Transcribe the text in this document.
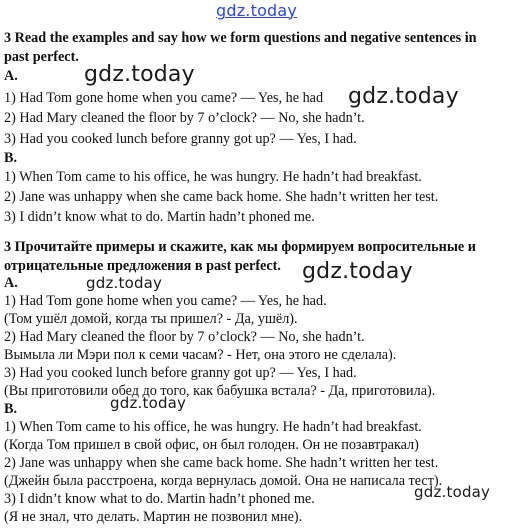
3 Read the examples and say how we form questions and negative sentences in
past perfect.
A.
1) Had Tom gone home when you came? — Yes, he had
2) Had Mary cleaned the floor by 7 o’clock? — No, she hadn’t.
3) Had you cooked lunch before granny got up? — Yes, I had.
B.
1) When Tom came to his office, he was hungry. He hadn’t had breakfast.
2) Jane was unhappy when she came back home. She hadn’t written her test.
3) I didn’t know what to do. Martin hadn’t phoned me.
3 Прочитайте примеры и скажите, как мы формируем вопросительные и
отрицательные предложения в past perfect.
A.
1) Had Tom gone home when you came? — Yes, he had.
(Том ушёл домой, когда ты пришел? - Да, ушёл).
2) Had Mary cleaned the floor by 7 o’clock? — No, she hadn’t.
Вымыла ли Мэри пол к семи часам? - Нет, она этого не сделала).
3) Had you cooked lunch before granny got up? — Yes, I had.
(Вы приготовили обед до того, как бабушка встала? - Да, приготовила).
B.
1) When Tom came to his office, he was hungry. He hadn’t had breakfast.
(Когда Том пришел в свой офис, он был голоден. Он не позавтракал)
2) Jane was unhappy when she came back home. She hadn’t written her test.
(Джейн была расстроена, когда вернулась домой. Она не написала тест).
3) I didn’t know what to do. Martin hadn’t phoned me.
(Я не знал, что делать. Мартин не позвонил мне).
gdz.today
gdz.today
gdz.today
gdz.today
gdz.today
gdz.today
gdz.today
